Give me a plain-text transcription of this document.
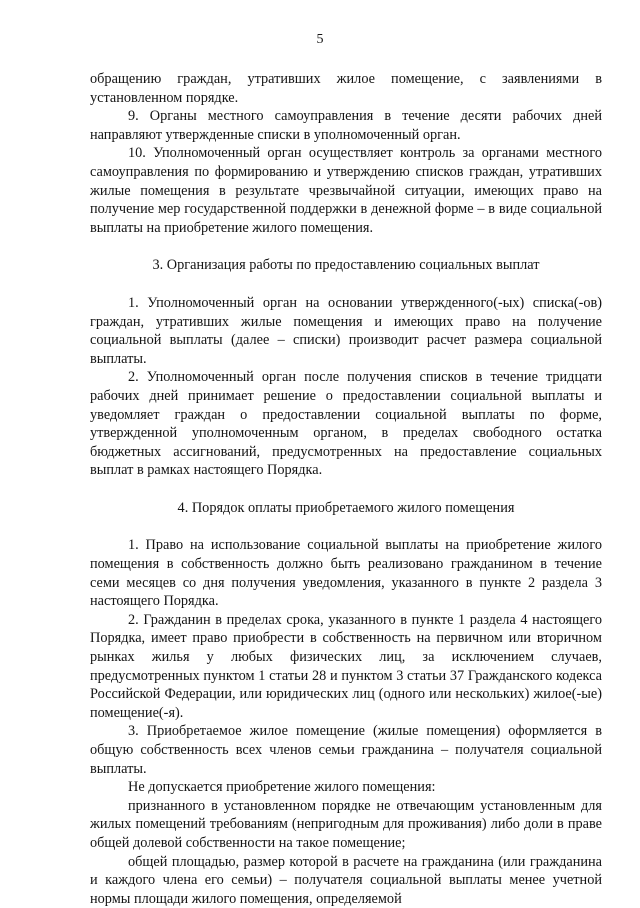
5

обращению граждан, утративших жилое помещение, с заявлениями в установленном порядке.

9. Органы местного самоуправления в течение десяти рабочих дней направляют утвержденные списки в уполномоченный орган.

10. Уполномоченный орган осуществляет контроль за органами местного самоуправления по формированию и утверждению списков граждан, утративших жилые помещения в результате чрезвычайной ситуации, имеющих право на получение мер государственной поддержки в денежной форме – в виде социальной выплаты на приобретение жилого помещения.

3. Организация работы по предоставлению социальных выплат

1. Уполномоченный орган на основании утвержденного(-ых) списка(-ов) граждан, утративших жилые помещения и имеющих право на получение социальной выплаты (далее – списки) производит расчет размера социальной выплаты.

2. Уполномоченный орган после получения списков в течение тридцати рабочих дней принимает решение о предоставлении социальной выплаты и уведомляет граждан о предоставлении социальной выплаты по форме, утвержденной уполномоченным органом, в пределах свободного остатка бюджетных ассигнований, предусмотренных на предоставление социальных выплат в рамках настоящего Порядка.

4. Порядок оплаты приобретаемого жилого помещения

1. Право на использование социальной выплаты на приобретение жилого помещения в собственность должно быть реализовано гражданином в течение семи месяцев со дня получения уведомления, указанного в пункте 2 раздела 3 настоящего Порядка.

2. Гражданин в пределах срока, указанного в пункте 1 раздела 4 настоящего Порядка, имеет право приобрести в собственность на первичном или вторичном рынках жилья у любых физических лиц, за исключением случаев, предусмотренных пунктом 1 статьи 28 и пунктом 3 статьи 37 Гражданского кодекса Российской Федерации, или юридических лиц (одного или нескольких) жилое(-ые) помещение(-я).

3. Приобретаемое жилое помещение (жилые помещения) оформляется в общую собственность всех членов семьи гражданина – получателя социальной выплаты.

Не допускается приобретение жилого помещения:

признанного в установленном порядке не отвечающим установленным для жилых помещений требованиям (непригодным для проживания) либо доли в праве общей долевой собственности на такое помещение;

общей площадью, размер которой в расчете на гражданина (или гражданина и каждого члена его семьи) – получателя социальной выплаты менее учетной нормы площади жилого помещения, определяемой
